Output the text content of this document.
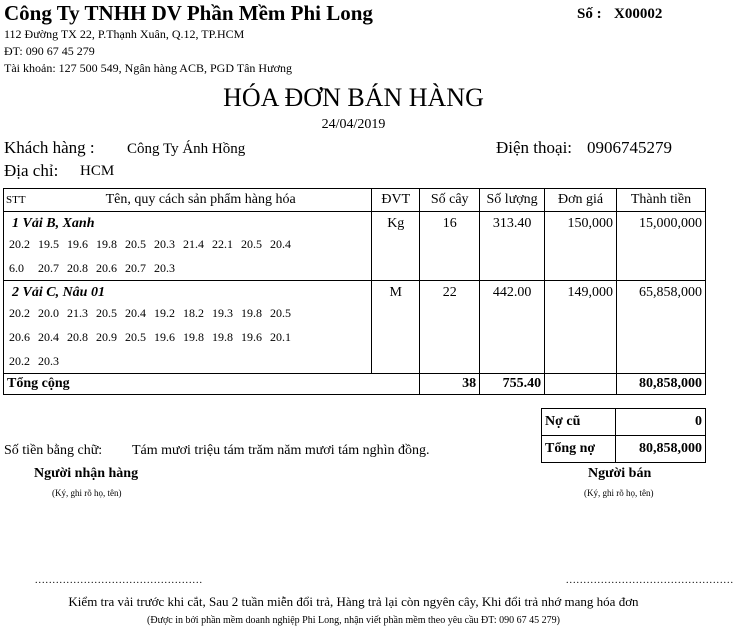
Công Ty TNHH DV Phần Mềm Phi Long
112 Đường TX 22, P.Thạnh Xuân, Q.12, TP.HCM
ĐT: 090 67 45 279
Tài khoản: 127 500 549, Ngân hàng ACB, PGD Tân Hương
Số : X00002
HÓA ĐƠN BÁN HÀNG
24/04/2019
Khách hàng : Công Ty Ánh Hồng	Điện thoại: 0906745279
Địa chỉ: HCM
STT Tên, quy cách sản phẩm hàng hóa	ĐVT	Số cây	Số lượng	Đơn giá	Thành tiền

1 Vải B, Xanh
20.2 19.5 19.6 19.8 20.5 20.3 21.4 22.1 20.5 20.4
6.0 20.7 20.8 20.6 20.7 20.3	Kg	16	313.40	150,000	15,000,000

2 Vải C, Nâu 01
20.2 20.0 21.3 20.5 20.4 19.2 18.2 19.3 19.8 20.5
20.6 20.4 20.8 20.9 20.5 19.6 19.8 19.8 19.6 20.1
20.2 20.3	M	22	442.00	149,000	65,858,000
Tổng cộng		38	755.40		80,858,000
Nợ cũ	0
Tổng nợ	80,858,000
Số tiền bằng chữ: Tám mươi triệu tám trăm năm mươi tám nghìn đồng.
Người nhận hàng
(Ký, ghi rõ họ, tên)
Người bán
(Ký, ghi rõ họ, tên)
................................................	................................................
Kiểm tra vải trước khi cắt, Sau 2 tuần miễn đổi trả, Hàng trả lại còn ngyên cây, Khi đổi trả nhớ mang hóa đơn
(Được in bởi phần mềm doanh nghiệp Phi Long, nhận viết phần mềm theo yêu cầu ĐT: 090 67 45 279)
